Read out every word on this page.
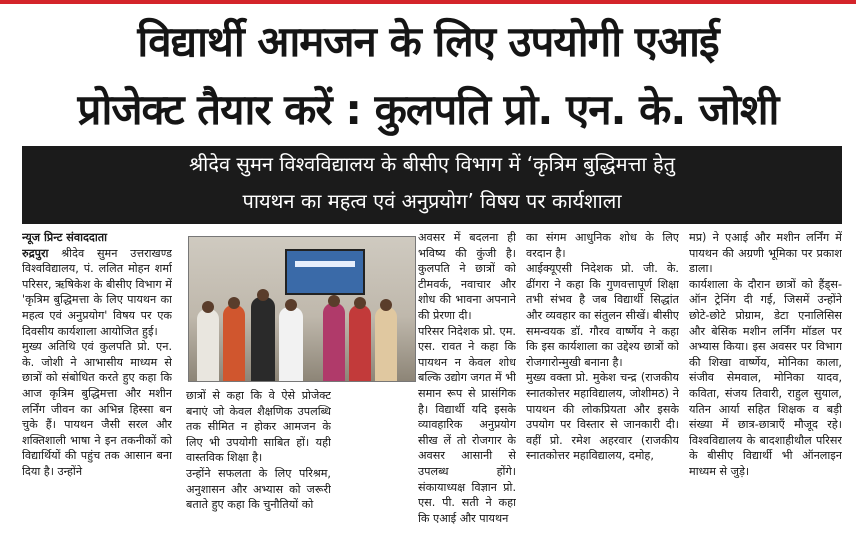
विद्यार्थी आमजन के लिए उपयोगी एआई
प्रोजेक्ट तैयार करें : कुलपति प्रो. एन. के. जोशी
श्रीदेव सुमन विश्वविद्यालय के बीसीए विभाग में ‘कृत्रिम बुद्धिमत्ता हेतु
पायथन का महत्व एवं अनुप्रयोग’ विषय पर कार्यशाला

न्यूज प्रिन्ट संवाददाता

रुद्रपुरा श्रीदेव सुमन उत्तराखण्ड विश्वविद्यालय, पं. ललित मोहन शर्मा परिसर, ऋषिकेश के बीसीए विभाग में 'कृत्रिम बुद्धिमत्ता के लिए पायथन का महत्व एवं अनुप्रयोग' विषय पर एक दिवसीय कार्यशाला आयोजित हुई।

मुख्य अतिथि एवं कुलपति प्रो. एन. के. जोशी ने आभासीय माध्यम से छात्रों को संबोधित करते हुए कहा कि आज कृत्रिम बुद्धिमत्ता और मशीन लर्निंग जीवन का अभिन्न हिस्सा बन चुके हैं। पायथन जैसी सरल और शक्तिशाली भाषा ने इन तकनीकों को विद्यार्थियों की पहुंच तक आसान बना दिया है। उन्होंने

छात्रों से कहा कि वे ऐसे प्रोजेक्ट बनाएं जो केवल शैक्षणिक उपलब्धि तक सीमित न होकर आमजन के लिए भी उपयोगी साबित हों। यही वास्तविक शिक्षा है।

उन्होंने सफलता के लिए परिश्रम, अनुशासन और अभ्यास को जरूरी बताते हुए कहा कि चुनौतियों को

अवसर में बदलना ही भविष्य की कुंजी है। कुलपति ने छात्रों को टीमवर्क, नवाचार और शोध की भावना अपनाने की प्रेरणा दी।

परिसर निदेशक प्रो. एम. एस. रावत ने कहा कि पायथन न केवल शोध बल्कि उद्योग जगत में भी समान रूप से प्रासंगिक है। विद्यार्थी यदि इसके व्यावहारिक अनुप्रयोग सीख लें तो रोजगार के अवसर आसानी से उपलब्ध होंगे। संकायाध्यक्ष विज्ञान प्रो. एस. पी. सती ने कहा कि एआई और पायथन

का संगम आधुनिक शोध के लिए वरदान है।

आईक्यूएसी निदेशक प्रो. जी. के. ढींगरा ने कहा कि गुणवत्तापूर्ण शिक्षा तभी संभव है जब विद्यार्थी सिद्धांत और व्यवहार का संतुलन सीखें। बीसीए समन्वयक डॉ. गौरव वार्ष्णेय ने कहा कि इस कार्यशाला का उद्देश्य छात्रों को रोजगारोन्मुखी बनाना है।

मुख्य वक्ता प्रो. मुकेश चन्द्र (राजकीय स्नातकोत्तर महाविद्यालय, जोशीमठ) ने पायथन की लोकप्रियता और इसके उपयोग पर विस्तार से जानकारी दी। वहीं प्रो. रमेश अहरवार (राजकीय स्नातकोत्तर महाविद्यालय, दमोह,

मप्र) ने एआई और मशीन लर्निंग में पायथन की अग्रणी भूमिका पर प्रकाश डाला।

कार्यशाला के दौरान छात्रों को हैंड्स-ऑन ट्रेनिंग दी गई, जिसमें उन्होंने छोटे-छोटे प्रोग्राम, डेटा एनालिसिस और बेसिक मशीन लर्निंग मॉडल पर अभ्यास किया। इस अवसर पर विभाग की शिखा वार्ष्णेय, मोनिका काला, संजीव सेमवाल, मोनिका यादव, कविता, संजय तिवारी, राहुल सुयाल, यतिन आर्या सहित शिक्षक व बड़ी संख्या में छात्र-छात्राएँ मौजूद रहे। विश्वविद्यालय के बादशाहीथौल परिसर के बीसीए विद्यार्थी भी ऑनलाइन माध्यम से जुड़े।
